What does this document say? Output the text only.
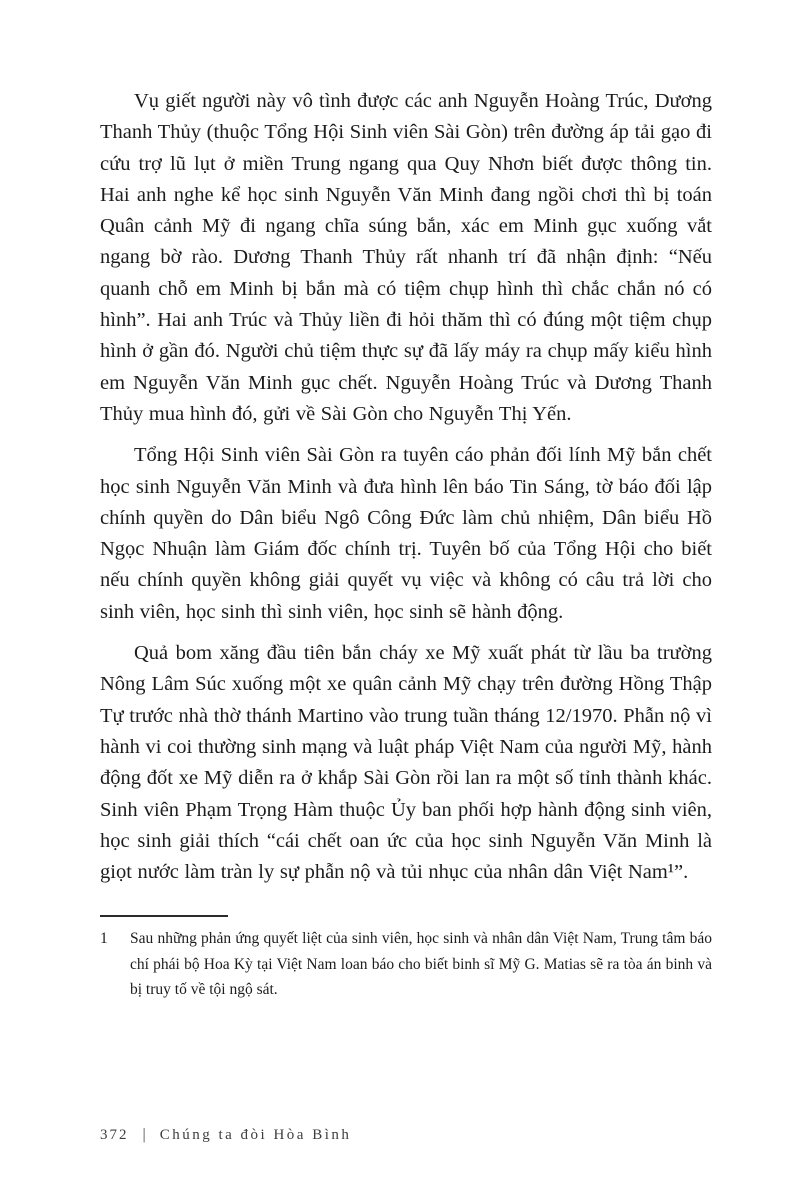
Vụ giết người này vô tình được các anh Nguyễn Hoàng Trúc, Dương Thanh Thủy (thuộc Tổng Hội Sinh viên Sài Gòn) trên đường áp tải gạo đi cứu trợ lũ lụt ở miền Trung ngang qua Quy Nhơn biết được thông tin. Hai anh nghe kể học sinh Nguyễn Văn Minh đang ngồi chơi thì bị toán Quân cảnh Mỹ đi ngang chĩa súng bắn, xác em Minh gục xuống vắt ngang bờ rào. Dương Thanh Thủy rất nhanh trí đã nhận định: “Nếu quanh chỗ em Minh bị bắn mà có tiệm chụp hình thì chắc chắn nó có hình”. Hai anh Trúc và Thủy liền đi hỏi thăm thì có đúng một tiệm chụp hình ở gần đó. Người chủ tiệm thực sự đã lấy máy ra chụp mấy kiểu hình em Nguyễn Văn Minh gục chết. Nguyễn Hoàng Trúc và Dương Thanh Thủy mua hình đó, gửi về Sài Gòn cho Nguyễn Thị Yến.

Tổng Hội Sinh viên Sài Gòn ra tuyên cáo phản đối lính Mỹ bắn chết học sinh Nguyễn Văn Minh và đưa hình lên báo Tin Sáng, tờ báo đối lập chính quyền do Dân biểu Ngô Công Đức làm chủ nhiệm, Dân biểu Hồ Ngọc Nhuận làm Giám đốc chính trị. Tuyên bố của Tổng Hội cho biết nếu chính quyền không giải quyết vụ việc và không có câu trả lời cho sinh viên, học sinh thì sinh viên, học sinh sẽ hành động.

Quả bom xăng đầu tiên bắn cháy xe Mỹ xuất phát từ lầu ba trường Nông Lâm Súc xuống một xe quân cảnh Mỹ chạy trên đường Hồng Thập Tự trước nhà thờ thánh Martino vào trung tuần tháng 12/1970. Phẫn nộ vì hành vi coi thường sinh mạng và luật pháp Việt Nam của người Mỹ, hành động đốt xe Mỹ diễn ra ở khắp Sài Gòn rồi lan ra một số tỉnh thành khác. Sinh viên Phạm Trọng Hàm thuộc Ủy ban phối hợp hành động sinh viên, học sinh giải thích “cái chết oan ức của học sinh Nguyễn Văn Minh là giọt nước làm tràn ly sự phẫn nộ và tủi nhục của nhân dân Việt Nam¹”.

1	Sau những phản ứng quyết liệt của sinh viên, học sinh và nhân dân Việt Nam, Trung tâm báo chí phái bộ Hoa Kỳ tại Việt Nam loan báo cho biết binh sĩ Mỹ G. Matias sẽ ra tòa án binh và bị truy tố về tội ngộ sát.
372 | Chúng ta đòi Hòa Bình
